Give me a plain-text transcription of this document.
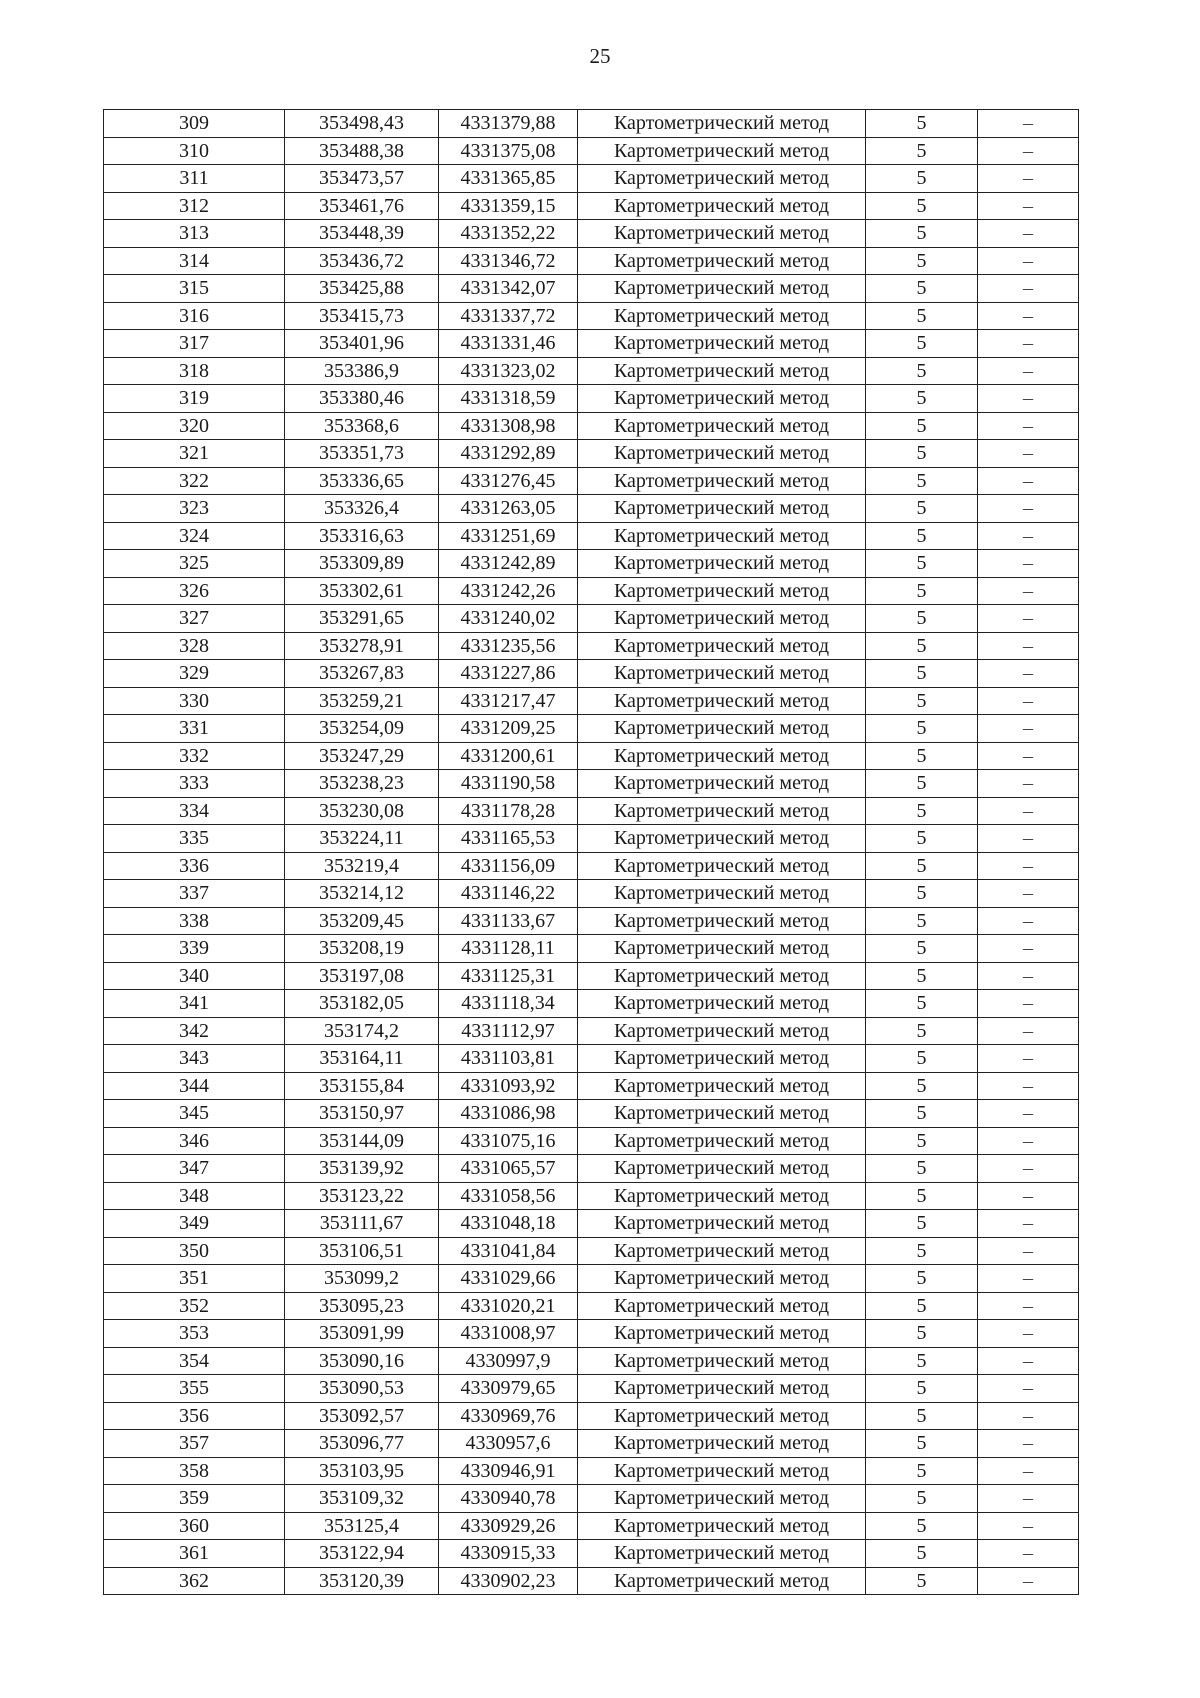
25
309	353498,43	4331379,88	Картометрический метод	5	–
310	353488,38	4331375,08	Картометрический метод	5	–
311	353473,57	4331365,85	Картометрический метод	5	–
312	353461,76	4331359,15	Картометрический метод	5	–
313	353448,39	4331352,22	Картометрический метод	5	–
314	353436,72	4331346,72	Картометрический метод	5	–
315	353425,88	4331342,07	Картометрический метод	5	–
316	353415,73	4331337,72	Картометрический метод	5	–
317	353401,96	4331331,46	Картометрический метод	5	–
318	353386,9	4331323,02	Картометрический метод	5	–
319	353380,46	4331318,59	Картометрический метод	5	–
320	353368,6	4331308,98	Картометрический метод	5	–
321	353351,73	4331292,89	Картометрический метод	5	–
322	353336,65	4331276,45	Картометрический метод	5	–
323	353326,4	4331263,05	Картометрический метод	5	–
324	353316,63	4331251,69	Картометрический метод	5	–
325	353309,89	4331242,89	Картометрический метод	5	–
326	353302,61	4331242,26	Картометрический метод	5	–
327	353291,65	4331240,02	Картометрический метод	5	–
328	353278,91	4331235,56	Картометрический метод	5	–
329	353267,83	4331227,86	Картометрический метод	5	–
330	353259,21	4331217,47	Картометрический метод	5	–
331	353254,09	4331209,25	Картометрический метод	5	–
332	353247,29	4331200,61	Картометрический метод	5	–
333	353238,23	4331190,58	Картометрический метод	5	–
334	353230,08	4331178,28	Картометрический метод	5	–
335	353224,11	4331165,53	Картометрический метод	5	–
336	353219,4	4331156,09	Картометрический метод	5	–
337	353214,12	4331146,22	Картометрический метод	5	–
338	353209,45	4331133,67	Картометрический метод	5	–
339	353208,19	4331128,11	Картометрический метод	5	–
340	353197,08	4331125,31	Картометрический метод	5	–
341	353182,05	4331118,34	Картометрический метод	5	–
342	353174,2	4331112,97	Картометрический метод	5	–
343	353164,11	4331103,81	Картометрический метод	5	–
344	353155,84	4331093,92	Картометрический метод	5	–
345	353150,97	4331086,98	Картометрический метод	5	–
346	353144,09	4331075,16	Картометрический метод	5	–
347	353139,92	4331065,57	Картометрический метод	5	–
348	353123,22	4331058,56	Картометрический метод	5	–
349	353111,67	4331048,18	Картометрический метод	5	–
350	353106,51	4331041,84	Картометрический метод	5	–
351	353099,2	4331029,66	Картометрический метод	5	–
352	353095,23	4331020,21	Картометрический метод	5	–
353	353091,99	4331008,97	Картометрический метод	5	–
354	353090,16	4330997,9	Картометрический метод	5	–
355	353090,53	4330979,65	Картометрический метод	5	–
356	353092,57	4330969,76	Картометрический метод	5	–
357	353096,77	4330957,6	Картометрический метод	5	–
358	353103,95	4330946,91	Картометрический метод	5	–
359	353109,32	4330940,78	Картометрический метод	5	–
360	353125,4	4330929,26	Картометрический метод	5	–
361	353122,94	4330915,33	Картометрический метод	5	–
362	353120,39	4330902,23	Картометрический метод	5	–
